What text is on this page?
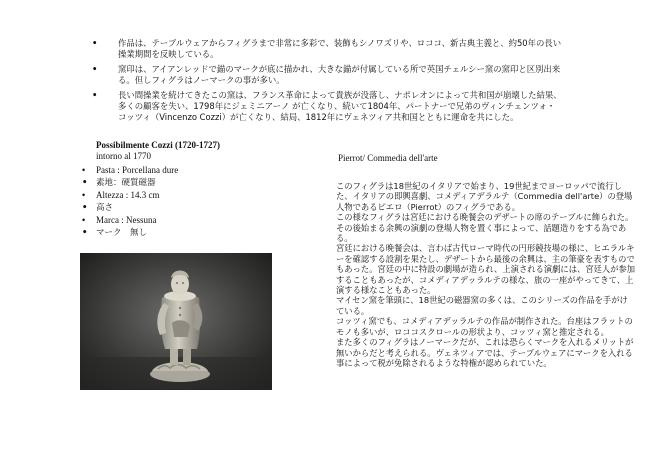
• 作品は、テーブルウェアからフィグラまで非常に多彩で、装飾もシノワズリや、ロココ、新古典主義と、約50年の長い操業期間を反映している。
• 窯印は、アイアンレッドで錨のマークが底に描かれ、大きな錨が付属している所で英国チェルシー窯の窯印と区別出来る。但しフィグラはノーマークの事が多い。
• 長い間操業を続けてきたこの窯は、フランス革命によって貴族が没落し、ナポレオンによって共和国が崩壊した結果、多くの顧客を失い、1798年にジェミニアーノ が亡くなり、続いて1804年、パートナーで兄弟のヴィンチェンツォ・コッツィ（Vincenzo Cozzi）が亡くなり、結局、1812年にヴェネツィア共和国とともに運命を共にした。
Possibilmente Cozzi (1720-1727)
intorno al 1770
• Pasta : Porcellana dure
• 素地：硬質磁器
• Altezza : 14.3 cm
• 高さ
• Marca : Nessuna
• マーク　無し
Pierrot/ Commedia dell'arte

このフィグラは18世紀のイタリアで始まり、19世紀までヨーロッパで流行した、イタリアの即興喜劇、コメディアデラルテ（Commedia dell'arte）の登場人物であるピエロ（Pierrot）のフィグラである。

この様なフィグラは宮廷における晩餐会のデザートの席のテーブルに飾られた。

その後始まる余興の演劇の登場人物を置く事によって、話題造りをする為である。

宮廷における晩餐会は、言わば古代ローマ時代の円形競技場の様に、ヒエラルキーを確認する設割を果たし、デザートから最後の余興は、主の筆豪を表すものでもあった。宮廷の中に特設の劇場が造られ、上演される演劇には、宮廷人が参加することもあったが、コメディアデッラルテの様な、旅の一座がやってきて、上演する様なこともあった。

マイセン窯を筆頭に、18世紀の磁器窯の多くは、このシリーズの作品を手がけている。

コッツィ窯でも、コメディアデッラルテの作品が制作された。台座はフラットのモノも多いが、ロココスクロールの形状より、コッツィ窯と推定される。

また多くのフィグラはノーマークだが、これは恐らくマークを入れるメリットが無いからだと考えられる。ヴェネツィアでは、テーブルウェアにマークを入れる事によって税が免除されるような特権が認められていた。
